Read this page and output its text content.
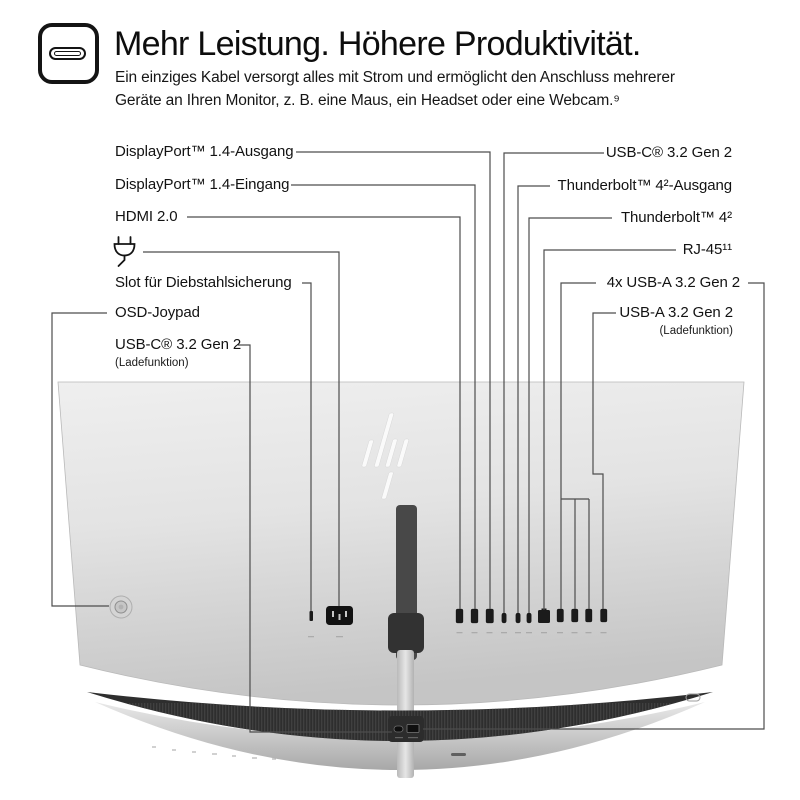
Mehr Leistung. Höhere Produktivität.
Ein einziges Kabel versorgt alles mit Strom und ermöglicht den Anschluss mehrerer
Geräte an Ihren Monitor, z. B. eine Maus, ein Headset oder eine Webcam.⁹
DisplayPort™ 1.4-Ausgang
DisplayPort™ 1.4-Eingang
HDMI 2.0
Slot für Diebstahlsicherung
OSD-Joypad
USB-C® 3.2 Gen 2
(Ladefunktion)
USB-C® 3.2 Gen 2
Thunderbolt™ 4²-Ausgang
Thunderbolt™ 4²
RJ-45¹¹
4x USB-A 3.2 Gen 2
USB-A 3.2 Gen 2
(Ladefunktion)
